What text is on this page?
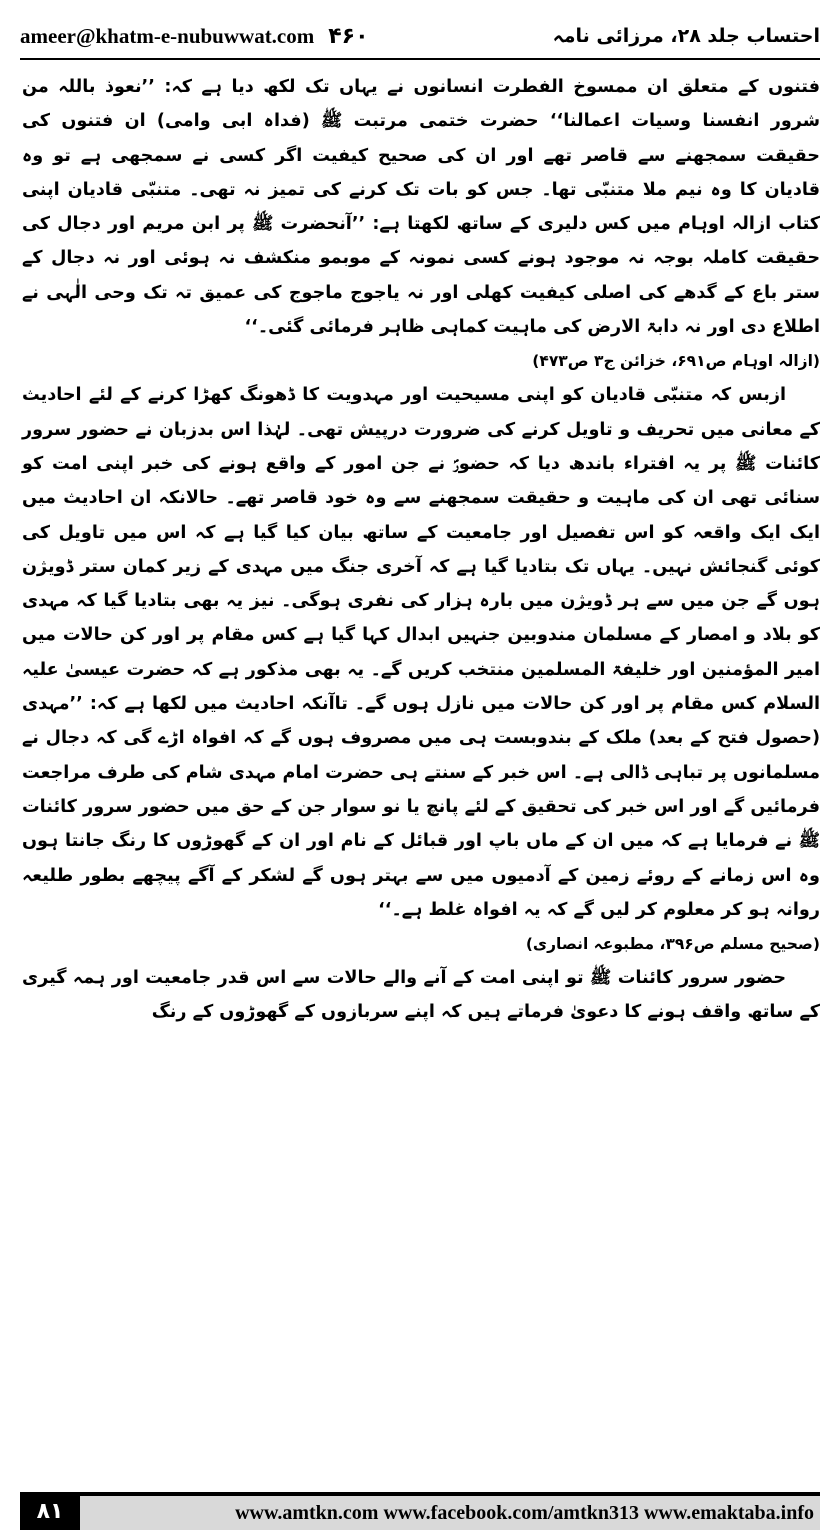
ameer@khatm-e-nubuwwat.com ۴۶۰	احتساب جلد ۲۸، مرزائی نامہ

فتنوں کے متعلق ان ممسوخ الفطرت انسانوں نے یہاں تک لکھ دیا ہے کہ: ’’نعوذ باللہ من شرور انفسنا وسیات اعمالنا‘‘ حضرت ختمی مرتبت ﷺ (فداہ ابی وامی) ان فتنوں کی حقیقت سمجھنے سے قاصر تھے اور ان کی صحیح کیفیت اگر کسی نے سمجھی ہے تو وہ قادیان کا وہ نیم ملا متنبّی تھا۔ جس کو بات تک کرنے کی تمیز نہ تھی۔ متنبّی قادیان اپنی کتاب ازالہ اوہام میں کس دلیری کے ساتھ لکھتا ہے: ’’آنحضرت ﷺ پر ابن مریم اور دجال کی حقیقت کاملہ بوجہ نہ موجود ہونے کسی نمونہ کے موبمو منکشف نہ ہوئی اور نہ دجال کے ستر باع کے گدھے کی اصلی کیفیت کھلی اور نہ یاجوج ماجوج کی عمیق تہ تک وحی الٰہی نے اطلاع دی اور نہ دابۃ الارض کی ماہیت کماہی ظاہر فرمائی گئی۔‘‘

(ازالہ اوہام ص۶۹۱، خزائن ج۳ ص۴۷۳)

ازبس کہ متنبّی قادیان کو اپنی مسیحیت اور مہدویت کا ڈھونگ کھڑا کرنے کے لئے احادیث کے معانی میں تحریف و تاویل کرنے کی ضرورت درپیش تھی۔ لہٰذا اس بدزبان نے حضور سرور کائنات ﷺ پر یہ افتراء باندھ دیا کہ حضورؐ نے جن امور کے واقع ہونے کی خبر اپنی امت کو سنائی تھی ان کی ماہیت و حقیقت سمجھنے سے وہ خود قاصر تھے۔ حالانکہ ان احادیث میں ایک ایک واقعہ کو اس تفصیل اور جامعیت کے ساتھ بیان کیا گیا ہے کہ اس میں تاویل کی کوئی گنجائش نہیں۔ یہاں تک بتادیا گیا ہے کہ آخری جنگ میں مہدی کے زیر کمان ستر ڈویژن ہوں گے جن میں سے ہر ڈویژن میں بارہ ہزار کی نفری ہوگی۔ نیز یہ بھی بتادیا گیا کہ مہدی کو بلاد و امصار کے مسلمان مندوبین جنہیں ابدال کہا گیا ہے کس مقام پر اور کن حالات میں امیر المؤمنین اور خلیفۃ المسلمین منتخب کریں گے۔ یہ بھی مذکور ہے کہ حضرت عیسیٰ علیہ السلام کس مقام پر اور کن حالات میں نازل ہوں گے۔ تاآنکہ احادیث میں لکھا ہے کہ: ’’مہدی (حصول فتح کے بعد) ملک کے بندوبست ہی میں مصروف ہوں گے کہ افواہ اڑے گی کہ دجال نے مسلمانوں پر تباہی ڈالی ہے۔ اس خبر کے سنتے ہی حضرت امام مہدی شام کی طرف مراجعت فرمائیں گے اور اس خبر کی تحقیق کے لئے پانچ یا نو سوار جن کے حق میں حضور سرور کائنات ﷺ نے فرمایا ہے کہ میں ان کے ماں باپ اور قبائل کے نام اور ان کے گھوڑوں کا رنگ جانتا ہوں وہ اس زمانے کے روئے زمین کے آدمیوں میں سے بہتر ہوں گے لشکر کے آگے پیچھے بطور طلیعہ روانہ ہو کر معلوم کر لیں گے کہ یہ افواہ غلط ہے۔‘‘

(صحیح مسلم ص۳۹۶، مطبوعہ انصاری)

حضور سرور کائنات ﷺ تو اپنی امت کے آنے والے حالات سے اس قدر جامعیت اور ہمہ گیری کے ساتھ واقف ہونے کا دعویٰ فرماتے ہیں کہ اپنے سربازوں کے گھوڑوں کے رنگ

۸۱	www.amtkn.com www.facebook.com/amtkn313 www.emaktaba.info
